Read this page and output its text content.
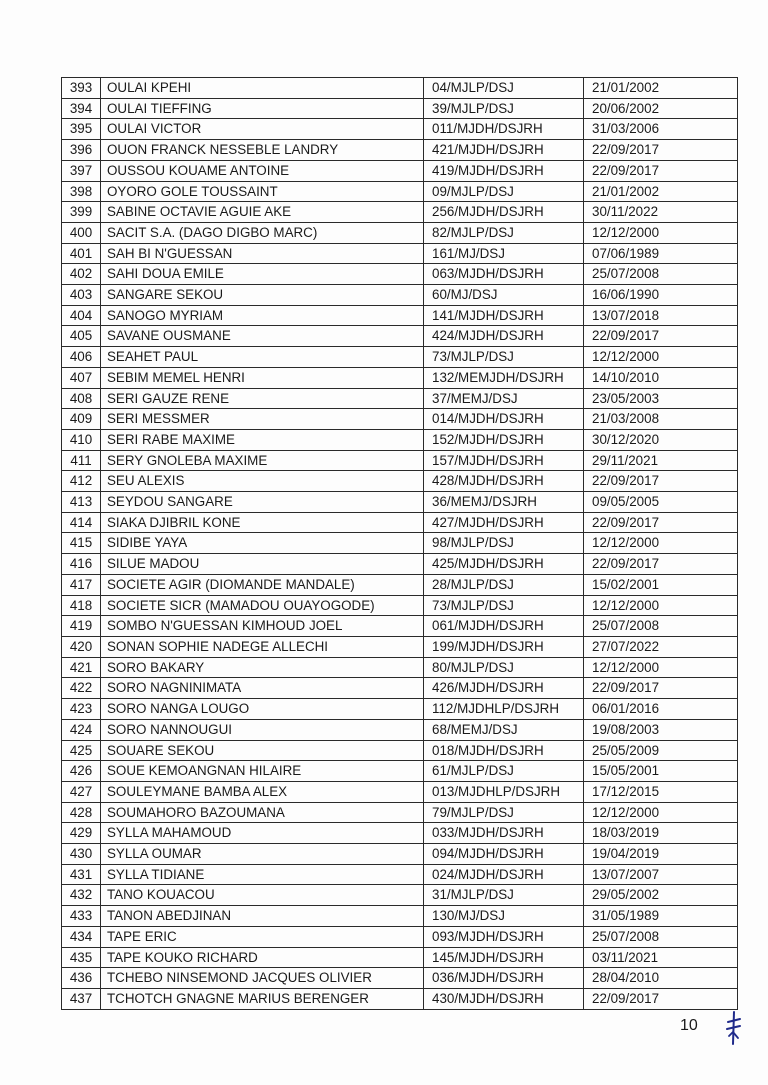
393	OULAI KPEHI	04/MJLP/DSJ	21/01/2002
394	OULAI TIEFFING	39/MJLP/DSJ	20/06/2002
395	OULAI VICTOR	011/MJDH/DSJRH	31/03/2006
396	OUON FRANCK NESSEBLE LANDRY	421/MJDH/DSJRH	22/09/2017
397	OUSSOU KOUAME ANTOINE	419/MJDH/DSJRH	22/09/2017
398	OYORO GOLE TOUSSAINT	09/MJLP/DSJ	21/01/2002
399	SABINE OCTAVIE AGUIE AKE	256/MJDH/DSJRH	30/11/2022
400	SACIT S.A. (DAGO DIGBO MARC)	82/MJLP/DSJ	12/12/2000
401	SAH BI N'GUESSAN	161/MJ/DSJ	07/06/1989
402	SAHI DOUA EMILE	063/MJDH/DSJRH	25/07/2008
403	SANGARE SEKOU	60/MJ/DSJ	16/06/1990
404	SANOGO MYRIAM	141/MJDH/DSJRH	13/07/2018
405	SAVANE OUSMANE	424/MJDH/DSJRH	22/09/2017
406	SEAHET PAUL	73/MJLP/DSJ	12/12/2000
407	SEBIM MEMEL HENRI	132/MEMJDH/DSJRH	14/10/2010
408	SERI GAUZE RENE	37/MEMJ/DSJ	23/05/2003
409	SERI MESSMER	014/MJDH/DSJRH	21/03/2008
410	SERI RABE MAXIME	152/MJDH/DSJRH	30/12/2020
411	SERY GNOLEBA MAXIME	157/MJDH/DSJRH	29/11/2021
412	SEU ALEXIS	428/MJDH/DSJRH	22/09/2017
413	SEYDOU SANGARE	36/MEMJ/DSJRH	09/05/2005
414	SIAKA DJIBRIL KONE	427/MJDH/DSJRH	22/09/2017
415	SIDIBE YAYA	98/MJLP/DSJ	12/12/2000
416	SILUE MADOU	425/MJDH/DSJRH	22/09/2017
417	SOCIETE AGIR (DIOMANDE MANDALE)	28/MJLP/DSJ	15/02/2001
418	SOCIETE SICR (MAMADOU OUAYOGODE)	73/MJLP/DSJ	12/12/2000
419	SOMBO N'GUESSAN KIMHOUD JOEL	061/MJDH/DSJRH	25/07/2008
420	SONAN SOPHIE NADEGE ALLECHI	199/MJDH/DSJRH	27/07/2022
421	SORO BAKARY	80/MJLP/DSJ	12/12/2000
422	SORO NAGNINIMATA	426/MJDH/DSJRH	22/09/2017
423	SORO NANGA LOUGO	112/MJDHLP/DSJRH	06/01/2016
424	SORO NANNOUGUI	68/MEMJ/DSJ	19/08/2003
425	SOUARE SEKOU	018/MJDH/DSJRH	25/05/2009
426	SOUE KEMOANGNAN HILAIRE	61/MJLP/DSJ	15/05/2001
427	SOULEYMANE BAMBA ALEX	013/MJDHLP/DSJRH	17/12/2015
428	SOUMAHORO BAZOUMANA	79/MJLP/DSJ	12/12/2000
429	SYLLA MAHAMOUD	033/MJDH/DSJRH	18/03/2019
430	SYLLA OUMAR	094/MJDH/DSJRH	19/04/2019
431	SYLLA TIDIANE	024/MJDH/DSJRH	13/07/2007
432	TANO KOUACOU	31/MJLP/DSJ	29/05/2002
433	TANON ABEDJINAN	130/MJ/DSJ	31/05/1989
434	TAPE ERIC	093/MJDH/DSJRH	25/07/2008
435	TAPE KOUKO RICHARD	145/MJDH/DSJRH	03/11/2021
436	TCHEBO NINSEMOND JACQUES OLIVIER	036/MJDH/DSJRH	28/04/2010
437	TCHOTCH GNAGNE MARIUS BERENGER	430/MJDH/DSJRH	22/09/2017
10
